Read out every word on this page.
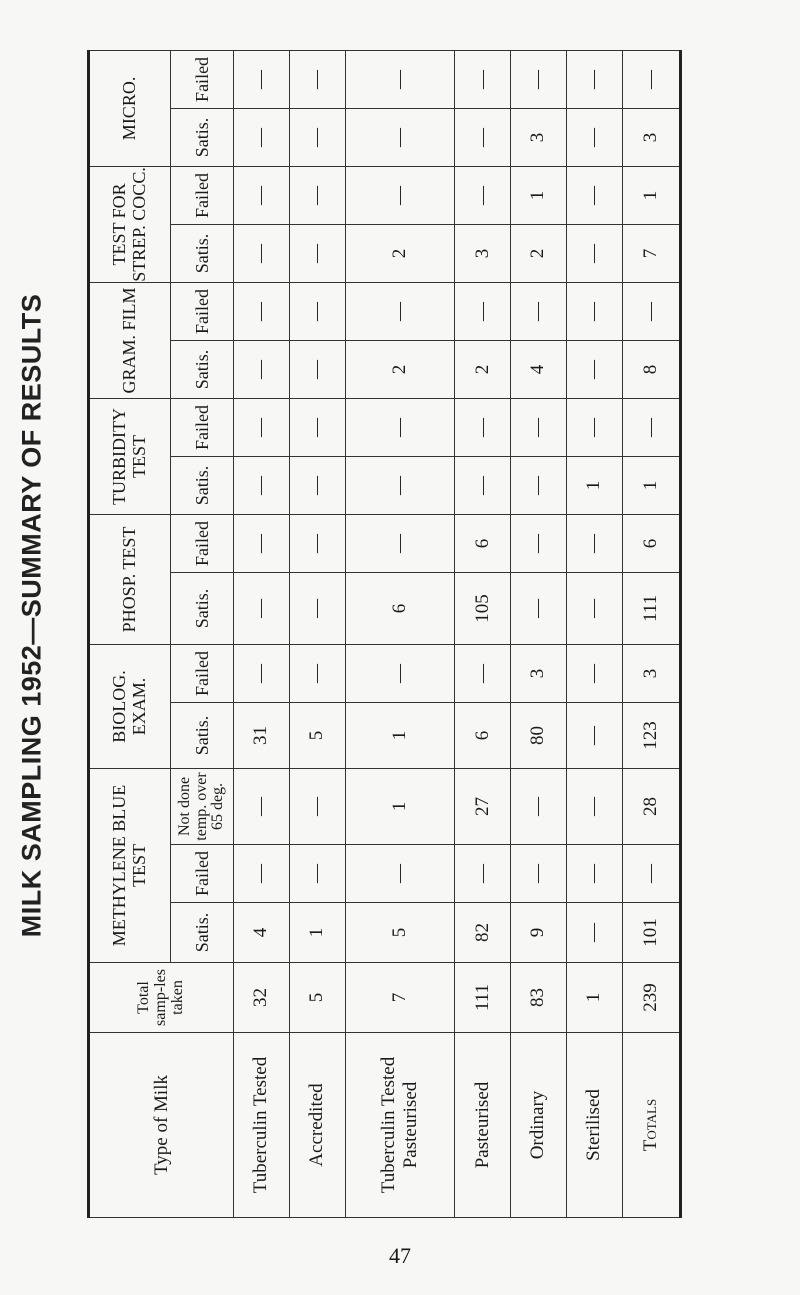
MILK SAMPLING 1952—SUMMARY OF RESULTS
Type of Milk	Total samp-les taken	METHYLENE BLUE TEST			BIOLOG. EXAM.		PHOSP. TEST		TURBIDITY TEST		GRAM. FILM		TEST FOR STREP. COCC.		MICRO.	
		Satis.	Failed	Not done temp. over 65 deg.	Satis.	Failed	Satis.	Failed	Satis.	Failed	Satis.	Failed	Satis.	Failed	Satis.	Failed
Tuberculin Tested	32	4	—	—	31	—	—	—	—	—	—	—	—	—	—	—
Accredited	5	1	—	—	5	—	—	—	—	—	—	—	—	—	—	—
Tuberculin Tested Pasteurised	7	5	—	1	1	—	6	—	—	—	2	—	2	—	—	—
Pasteurised	111	82	—	27	6	—	105	6	—	—	2	—	3	—	—	—
Ordinary	83	9	—	—	80	3	—	—	—	—	4	—	2	1	3	—
Sterilised	1	—	—	—	—	—	—	—	1	—	—	—	—	—	—	—
Totals	239	101	—	28	123	3	111	6	1	—	8	—	7	1	3	—
47
